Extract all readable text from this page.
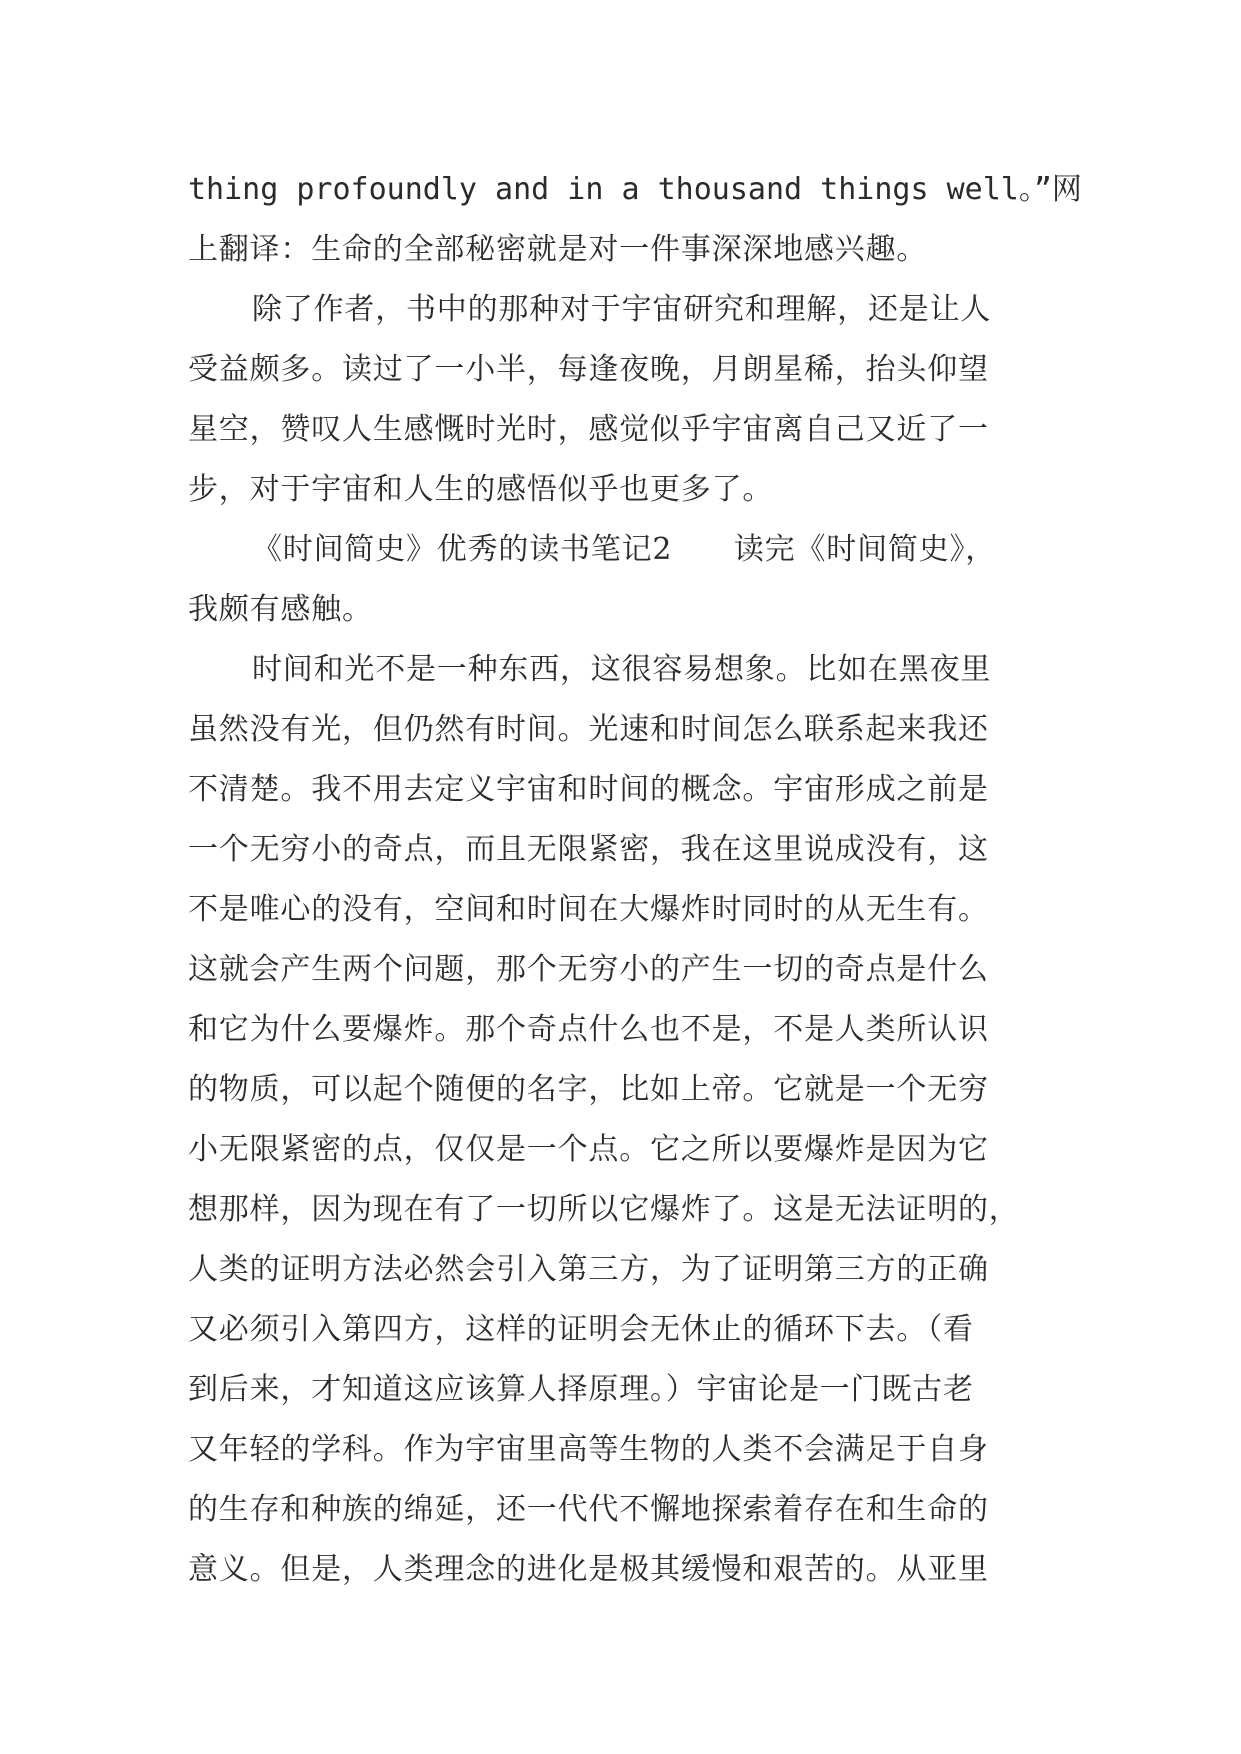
thing profoundly and in a thousand things well。”网
上翻译：生命的全部秘密就是对一件事深深地感兴趣。
除了作者，书中的那种对于宇宙研究和理解，还是让人
受益颇多。读过了一小半，每逢夜晚，月朗星稀，抬头仰望
星空，赞叹人生感慨时光时，感觉似乎宇宙离自己又近了一
步，对于宇宙和人生的感悟似乎也更多了。
《时间简史》优秀的读书笔记2　　读完《时间简史》，
我颇有感触。
时间和光不是一种东西，这很容易想象。比如在黑夜里
虽然没有光，但仍然有时间。光速和时间怎么联系起来我还
不清楚。我不用去定义宇宙和时间的概念。宇宙形成之前是
一个无穷小的奇点，而且无限紧密，我在这里说成没有，这
不是唯心的没有，空间和时间在大爆炸时同时的从无生有。
这就会产生两个问题，那个无穷小的产生一切的奇点是什么
和它为什么要爆炸。那个奇点什么也不是，不是人类所认识
的物质，可以起个随便的名字，比如上帝。它就是一个无穷
小无限紧密的点，仅仅是一个点。它之所以要爆炸是因为它
想那样，因为现在有了一切所以它爆炸了。这是无法证明的，
人类的证明方法必然会引入第三方，为了证明第三方的正确
又必须引入第四方，这样的证明会无休止的循环下去。（看
到后来，才知道这应该算人择原理。）宇宙论是一门既古老
又年轻的学科。作为宇宙里高等生物的人类不会满足于自身
的生存和种族的绵延，还一代代不懈地探索着存在和生命的
意义。但是，人类理念的进化是极其缓慢和艰苦的。从亚里
